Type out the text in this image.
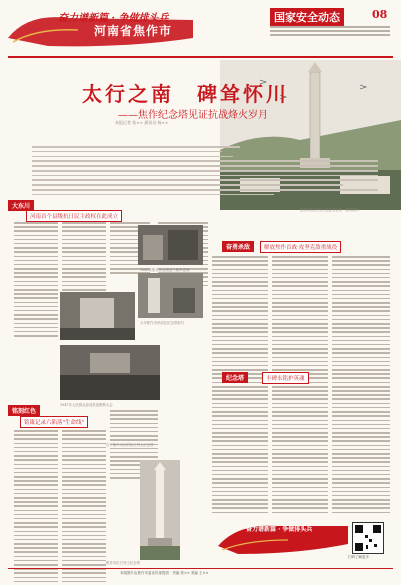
奋力谱新篇 · 争做排头兵
河南省焦作市
国家安全动态	08
焦作市抗日烈士纪念塔全景 · 资料图片
太行之南　碑耸怀川
——焦作纪念塔见证抗战烽火岁月
本报记者 张×× 通讯员 杨××
大东川
河南首个县级抗日民主政权在此成立
1945年焦作民众欢迎八路军进城
当年焦作市民前往纪念塔祭扫
1947年人民群众参加抗战胜利大会
铭刻红色
铭箴记录六陷落"生命线"
焦作市抗日烈士纪念塔
位于焦作市区的抗日烈士纪念塔
奋勇杀敌	解放焦作首战·攻坚克敌重战役
纪念塔	丰碑永铭护英魂
奋力谱新篇 · 争做排头兵
扫码了解更多
本版图片由焦作市委宣传部提供 · 责编 张×× 美编 王××
